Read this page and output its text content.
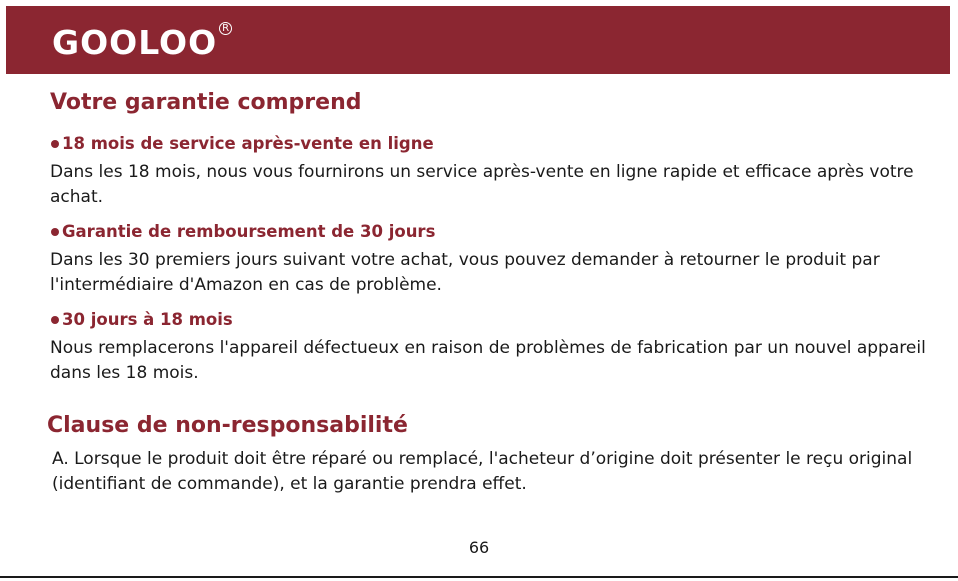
GOOLOO R
Votre garantie comprend
18 mois de service après-vente en ligne

Dans les 18 mois, nous vous fournirons un service après-vente en ligne rapide et efficace après votre achat.

Garantie de remboursement de 30 jours

Dans les 30 premiers jours suivant votre achat, vous pouvez demander à retourner le produit par l'intermédiaire d'Amazon en cas de problème.

30 jours à 18 mois

Nous remplacerons l'appareil défectueux en raison de problèmes de fabrication par un nouvel appareil dans les 18 mois.

Clause de non-responsabilité

A. Lorsque le produit doit être réparé ou remplacé, l'acheteur d’origine doit présenter le reçu original (identifiant de commande), et la garantie prendra effet.

66
